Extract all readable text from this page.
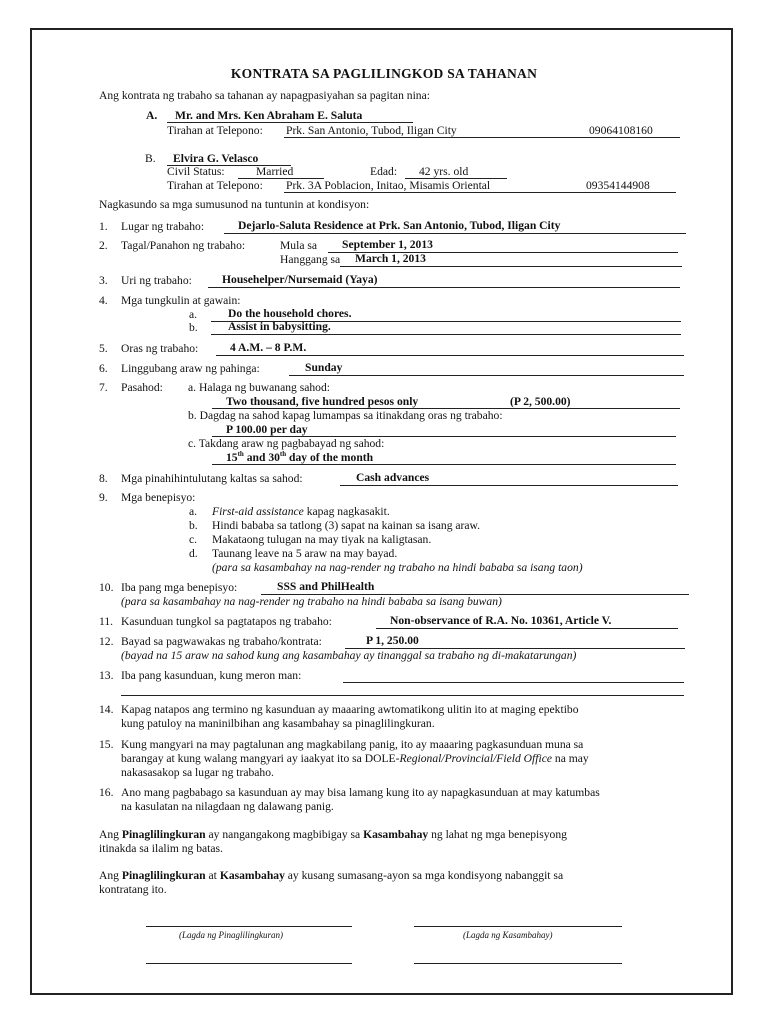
KONTRATA SA PAGLILINGKOD SA TAHANAN
Ang kontrata ng trabaho sa tahanan ay napagpasiyahan sa pagitan nina:
A. Mr. and Mrs. Ken Abraham E. Saluta
Tirahan at Telepono: Prk. San Antonio, Tubod, Iligan City	09064108160
B. Elvira G. Velasco
Civil Status:	Married	Edad: 42 yrs. old
Tirahan at Telepono: Prk. 3A Poblacion, Initao, Misamis Oriental	09354144908
Nagkasundo sa mga sumusunod na tuntunin at kondisyon:
1. Lugar ng trabaho:	Dejarlo-Saluta Residence at Prk. San Antonio, Tubod, Iligan City
2. Tagal/Panahon ng trabaho:	Mula sa September 1, 2013
Hanggang sa March 1, 2013
3. Uri ng trabaho:	Househelper/Nursemaid (Yaya)
4. Mga tungkulin at gawain:
a.	Do the household chores.
b.	Assist in babysitting.
5. Oras ng trabaho:	4 A.M. – 8 P.M.
6. Linggubang araw ng pahinga:	Sunday
7. Pasahod: a. Halaga ng buwanang sahod:
Two thousand, five hundred pesos only	(P 2, 500.00)
b. Dagdag na sahod kapag lumampas sa itinakdang oras ng trabaho:
P 100.00 per day
c. Takdang araw ng pagbabayad ng sahod:
15th and 30th day of the month
8. Mga pinahihintulutang kaltas sa sahod:	Cash advances
9. Mga benepisyo:
a. First-aid assistance kapag nagkasakit.
b. Hindi bababa sa tatlong (3) sapat na kainan sa isang araw.
c. Makataong tulugan na may tiyak na kaligtasan.
d. Taunang leave na 5 araw na may bayad.
(para sa kasambahay na nag-render ng trabaho na hindi bababa sa isang taon)
10. Iba pang mga benepisyo:	SSS and PhilHealth
(para sa kasambahay na nag-render ng trabaho na hindi bababa sa isang buwan)
11. Kasunduan tungkol sa pagtatapos ng trabaho:	Non-observance of R.A. No. 10361, Article V.
12. Bayad sa pagwawakas ng trabaho/kontrata:	P 1, 250.00
(bayad na 15 araw na sahod kung ang kasambahay ay tinanggal sa trabaho ng di-makatarungan)
13. Iba pang kasunduan, kung meron man:
14. Kapag natapos ang termino ng kasunduan ay maaaring awtomatikong ulitin ito at maging epektibo
kung patuloy na maninilbihan ang kasambahay sa pinaglilingkuran.
15. Kung mangyari na may pagtalunan ang magkabilang panig, ito ay maaaring pagkasunduan muna sa
barangay at kung walang mangyari ay iaakyat ito sa DOLE-Regional/Provincial/Field Office na may
nakasasakop sa lugar ng trabaho.
16. Ano mang pagbabago sa kasunduan ay may bisa lamang kung ito ay napagkasunduan at may katumbas
na kasulatan na nilagdaan ng dalawang panig.
Ang Pinaglilingkuran ay nangangakong magbibigay sa Kasambahay ng lahat ng mga benepisyong
itinakda sa ilalim ng batas.
Ang Pinaglilingkuran at Kasambahay ay kusang sumasang-ayon sa mga kondisyong nabanggit sa
kontratang ito.
(Lagda ng Pinaglilingkuran)	(Lagda ng Kasambahay)
